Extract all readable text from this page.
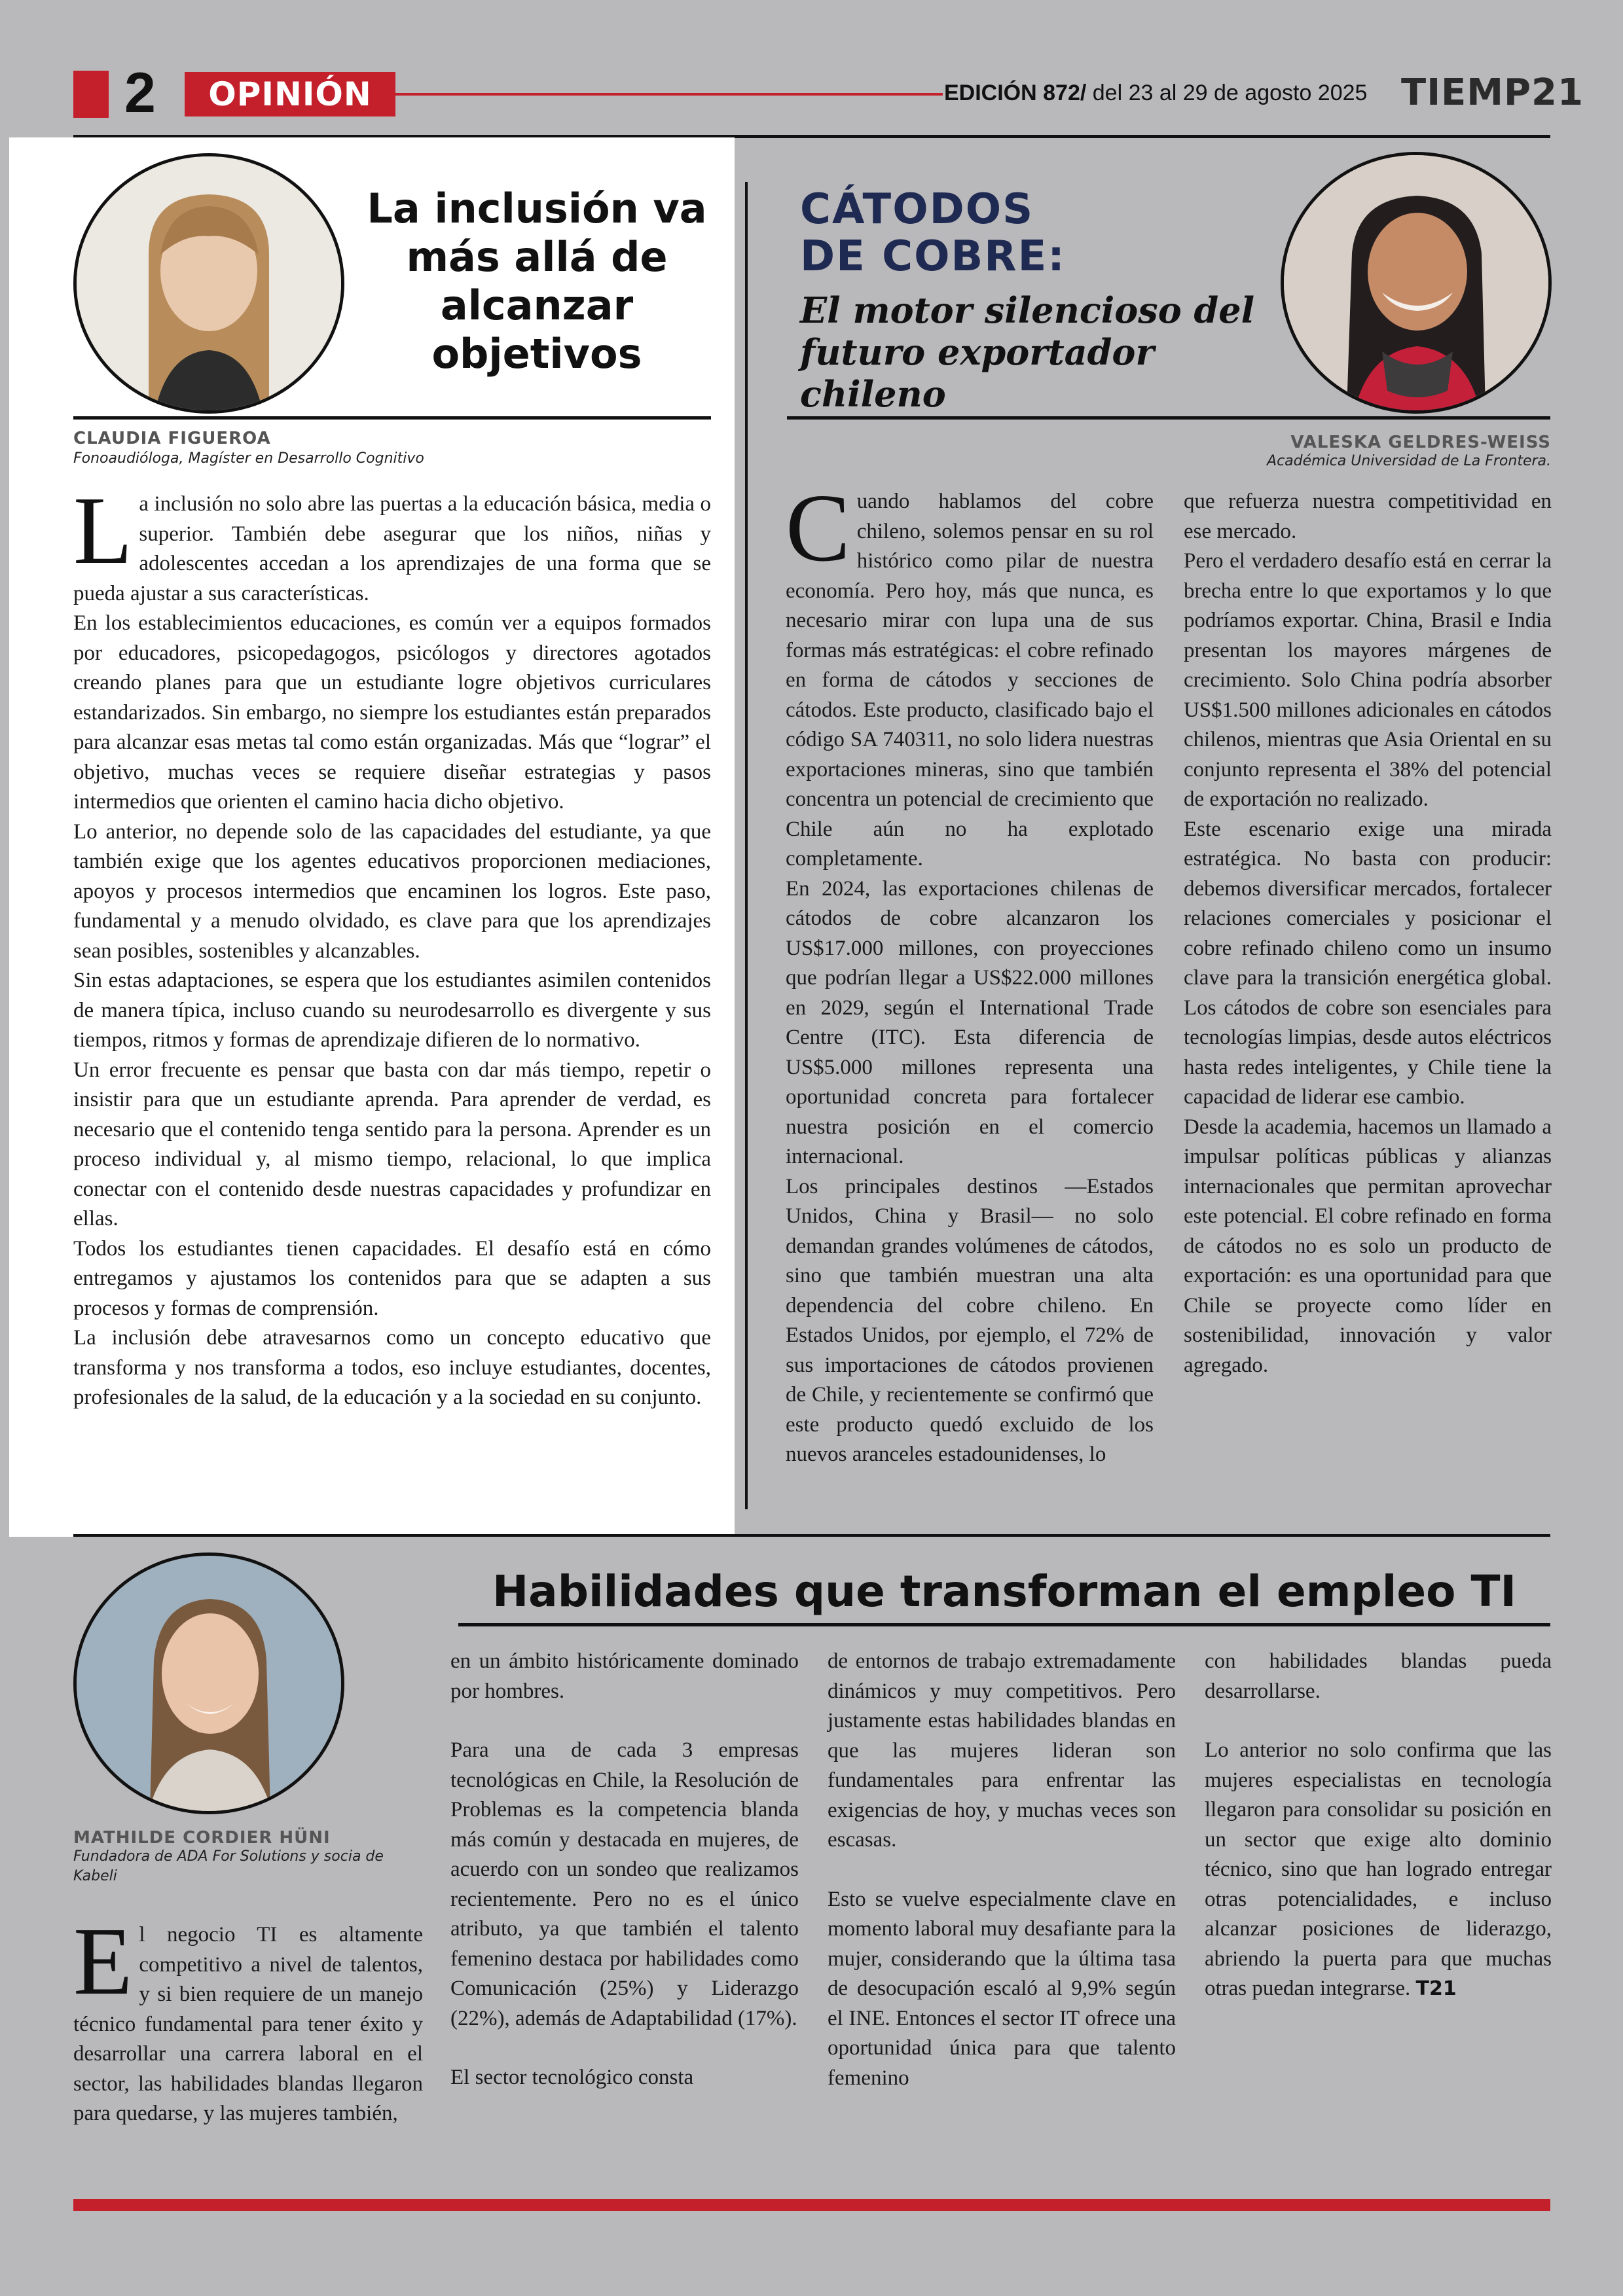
2	OPINIÓN	EDICIÓN 872/ del 23 al 29 de agosto 2025 TIEMP21
La inclusión va más allá de alcanzar objetivos
CLAUDIA FIGUEROA
Fonoaudióloga, Magíster en Desarrollo Cognitivo
L a inclusión no solo abre las puertas a la educación básica, media o superior. También debe asegurar que los niños, niñas y adolescentes accedan a los aprendizajes de una forma que se pueda ajustar a sus características.

En los establecimientos educaciones, es común ver a equipos formados por educadores, psicopedagogos, psicólogos y directores agotados creando planes para que un estudiante logre objetivos curriculares estandarizados. Sin embargo, no siempre los estudiantes están preparados para alcanzar esas metas tal como están organizadas. Más que “lograr” el objetivo, muchas veces se requiere diseñar estrategias y pasos intermedios que orienten el camino hacia dicho objetivo.

Lo anterior, no depende solo de las capacidades del estudiante, ya que también exige que los agentes educativos proporcionen mediaciones, apoyos y procesos intermedios que encaminen los logros. Este paso, fundamental y a menudo olvidado, es clave para que los aprendizajes sean posibles, sostenibles y alcanzables.

Sin estas adaptaciones, se espera que los estudiantes asimilen contenidos de manera típica, incluso cuando su neurodesarrollo es divergente y sus tiempos, ritmos y formas de aprendizaje difieren de lo normativo.

Un error frecuente es pensar que basta con dar más tiempo, repetir o insistir para que un estudiante aprenda. Para aprender de verdad, es necesario que el contenido tenga sentido para la persona. Aprender es un proceso individual y, al mismo tiempo, relacional, lo que implica conectar con el contenido desde nuestras capacidades y profundizar en ellas.

Todos los estudiantes tienen capacidades. El desafío está en cómo entregamos y ajustamos los contenidos para que se adapten a sus procesos y formas de comprensión.

La inclusión debe atravesarnos como un concepto educativo que transforma y nos transforma a todos, eso incluye estudiantes, docentes, profesionales de la salud, de la educación y a la sociedad en su conjunto.

CÁTODOS
DE COBRE:
El motor silencioso del futuro exportador chileno
VALESKA GELDRES-WEISS
Académica Universidad de La Frontera.
C uando hablamos del cobre chileno, solemos pensar en su rol histórico como pilar de nuestra economía. Pero hoy, más que nunca, es necesario mirar con lupa una de sus formas más estratégicas: el cobre refinado en forma de cátodos y secciones de cátodos. Este producto, clasificado bajo el código SA 740311, no solo lidera nuestras exportaciones mineras, sino que también concentra un potencial de crecimiento que Chile aún no ha explotado completamente.

En 2024, las exportaciones chilenas de cátodos de cobre alcanzaron los US$17.000 millones, con proyecciones que podrían llegar a US$22.000 millones en 2029, según el International Trade Centre (ITC). Esta diferencia de US$5.000 millones representa una oportunidad concreta para fortalecer nuestra posición en el comercio internacional.

Los principales destinos —Estados Unidos, China y Brasil— no solo demandan grandes volúmenes de cátodos, sino que también muestran una alta dependencia del cobre chileno. En Estados Unidos, por ejemplo, el 72% de sus importaciones de cátodos provienen de Chile, y recientemente se confirmó que este producto quedó excluido de los nuevos aranceles estadounidenses, lo

que refuerza nuestra competitividad en ese mercado.

Pero el verdadero desafío está en cerrar la brecha entre lo que exportamos y lo que podríamos exportar. China, Brasil e India presentan los mayores márgenes de crecimiento. Solo China podría absorber US$1.500 millones adicionales en cátodos chilenos, mientras que Asia Oriental en su conjunto representa el 38% del potencial de exportación no realizado.

Este escenario exige una mirada estratégica. No basta con producir: debemos diversificar mercados, fortalecer relaciones comerciales y posicionar el cobre refinado chileno como un insumo clave para la transición energética global. Los cátodos de cobre son esenciales para tecnologías limpias, desde autos eléctricos hasta redes inteligentes, y Chile tiene la capacidad de liderar ese cambio.

Desde la academia, hacemos un llamado a impulsar políticas públicas y alianzas internacionales que permitan aprovechar este potencial. El cobre refinado en forma de cátodos no es solo un producto de exportación: es una oportunidad para que Chile se proyecte como líder en sostenibilidad, innovación y valor agregado.

MATHILDE CORDIER HÜNI
Fundadora de ADA For Solutions y socia de Kabeli
Habilidades que transforman el empleo TI
E l negocio TI es altamente competitivo a nivel de talentos, y si bien requiere de un manejo técnico fundamental para tener éxito y desarrollar una carrera laboral en el sector, las habilidades blandas llegaron para quedarse, y las mujeres también,

en un ámbito históricamente dominado por hombres.

Para una de cada 3 empresas tecnológicas en Chile, la Resolución de Problemas es la competencia blanda más común y destacada en mujeres, de acuerdo con un sondeo que realizamos recientemente. Pero no es el único atributo, ya que también el talento femenino destaca por habilidades como Comunicación (25%) y Liderazgo (22%), además de Adaptabilidad (17%).

El sector tecnológico consta

de entornos de trabajo extremadamente dinámicos y muy competitivos. Pero justamente estas habilidades blandas en que las mujeres lideran son fundamentales para enfrentar las exigencias de hoy, y muchas veces son escasas.

Esto se vuelve especialmente clave en momento laboral muy desafiante para la mujer, considerando que la última tasa de desocupación escaló al 9,9% según el INE. Entonces el sector IT ofrece una oportunidad única para que talento femenino

con habilidades blandas pueda desarrollarse.

Lo anterior no solo confirma que las mujeres especialistas en tecnología llegaron para consolidar su posición en un sector que exige alto dominio técnico, sino que han logrado entregar otras potencialidades, e incluso alcanzar posiciones de liderazgo, abriendo la puerta para que muchas otras puedan integrarse. T21
